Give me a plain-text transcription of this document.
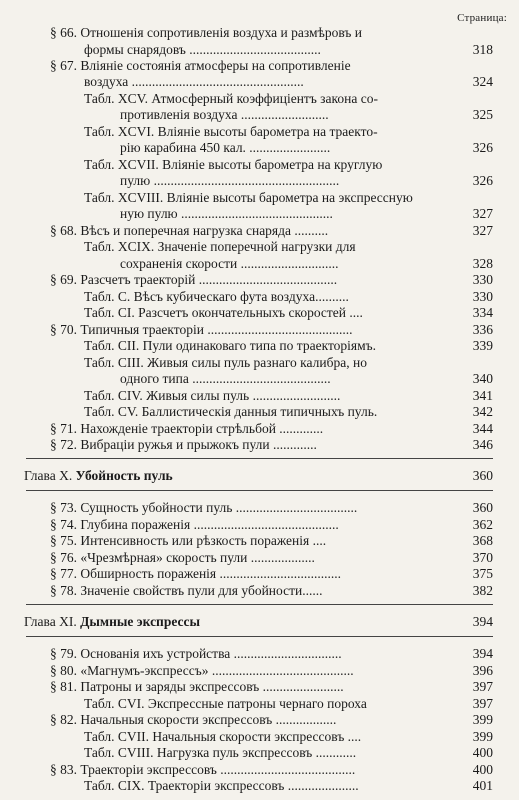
Страница:
§ 66. Отношенія сопротивленія воздуха и размѣровъ и
формы снарядовъ .......................................	318
§ 67. Вліяніе состоянія атмосферы на сопротивленіе
воздуха ...................................................	324
Табл. XCV. Атмосферный коэффиціентъ закона со-
противленія воздуха ..........................	325
Табл. XCVI. Вліяніе высоты барометра на траекто-
рію карабина 450 кал. ........................	326
Табл. XCVII. Вліяніе высоты барометра на круглую
пулю .......................................................	326
Табл. XCVIII. Вліяніе высоты барометра на экспрессную
ную пулю .............................................	327
§ 68. Вѣсъ и поперечная нагрузка снаряда ..........	327
Табл. XCIX. Значеніе поперечной нагрузки для
сохраненія скорости .............................	328
§ 69. Разсчетъ траекторій .........................................	330
Табл. C. Вѣсъ кубическаго фута воздуха..........	330
Табл. CI. Разсчетъ окончательныхъ скоростей ....	334
§ 70. Типичныя траекторіи ...........................................	336
Табл. CII. Пули одинаковаго типа по траекторіямъ.	339
Табл. CIII. Живыя силы пуль разнаго калибра, но
одного типа .........................................	340
Табл. CIV. Живыя силы пуль ..........................	341
Табл. CV. Баллистическія данныя типичныхъ пуль.	342
§ 71. Нахожденіе траекторіи стрѣльбой .............	344
§ 72. Вибраціи ружья и прыжокъ пули .............	346
Глава X. Убойность пуль	360
§ 73. Сущность убойности пуль ....................................	360
§ 74. Глубина пораженія ...........................................	362
§ 75. Интенсивность или рѣзкость пораженія ....	368
§ 76. «Чрезмѣрная» скорость пули ...................	370
§ 77. Обширность пораженія ....................................	375
§ 78. Значеніе свойствъ пули для убойности......	382
Глава XI. Дымные экспрессы	394
§ 79. Основанія ихъ устройства ................................	394
§ 80. «Магнумъ-экспрессъ» ..........................................	396
§ 81. Патроны и заряды экспрессовъ ........................	397
Табл. CVI. Экспрессные патроны чернаго пороха	397
§ 82. Начальныя скорости экспрессовъ ..................	399
Табл. CVII. Начальныя скорости экспрессовъ ....	399
Табл. CVIII. Нагрузка пуль экспрессовъ ............	400
§ 83. Траекторіи экспрессовъ ........................................	400
Табл. CIX. Траекторіи экспрессовъ .....................	401
